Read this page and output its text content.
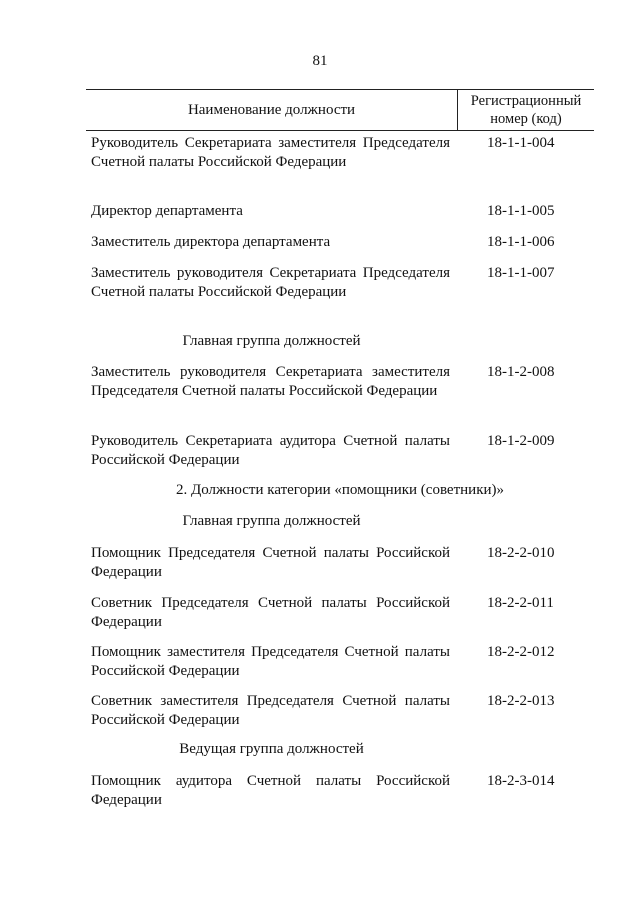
81
Наименование должности
Регистрационный
номер (код)
Руководитель Секретариата заместителя Председателя Счетной палаты Российской Федерации
18-1-1-004
Директор департамента	18-1-1-005
Заместитель директора департамента	18-1-1-006
Заместитель руководителя Секретариата Председателя Счетной палаты Российской Федерации
18-1-1-007
Главная группа должностей
Заместитель руководителя Секретариата заместителя Председателя Счетной палаты Российской Федерации
18-1-2-008
Руководитель Секретариата аудитора Счетной палаты Российской Федерации
18-1-2-009
2. Должности категории «помощники (советники)»
Главная группа должностей
Помощник Председателя Счетной палаты Российской Федерации
18-2-2-010
Советник Председателя Счетной палаты Российской Федерации
18-2-2-011
Помощник заместителя Председателя Счетной палаты Российской Федерации
18-2-2-012
Советник заместителя Председателя Счетной палаты Российской Федерации
18-2-2-013
Ведущая группа должностей
Помощник аудитора Счетной палаты Российской Федерации
18-2-3-014
